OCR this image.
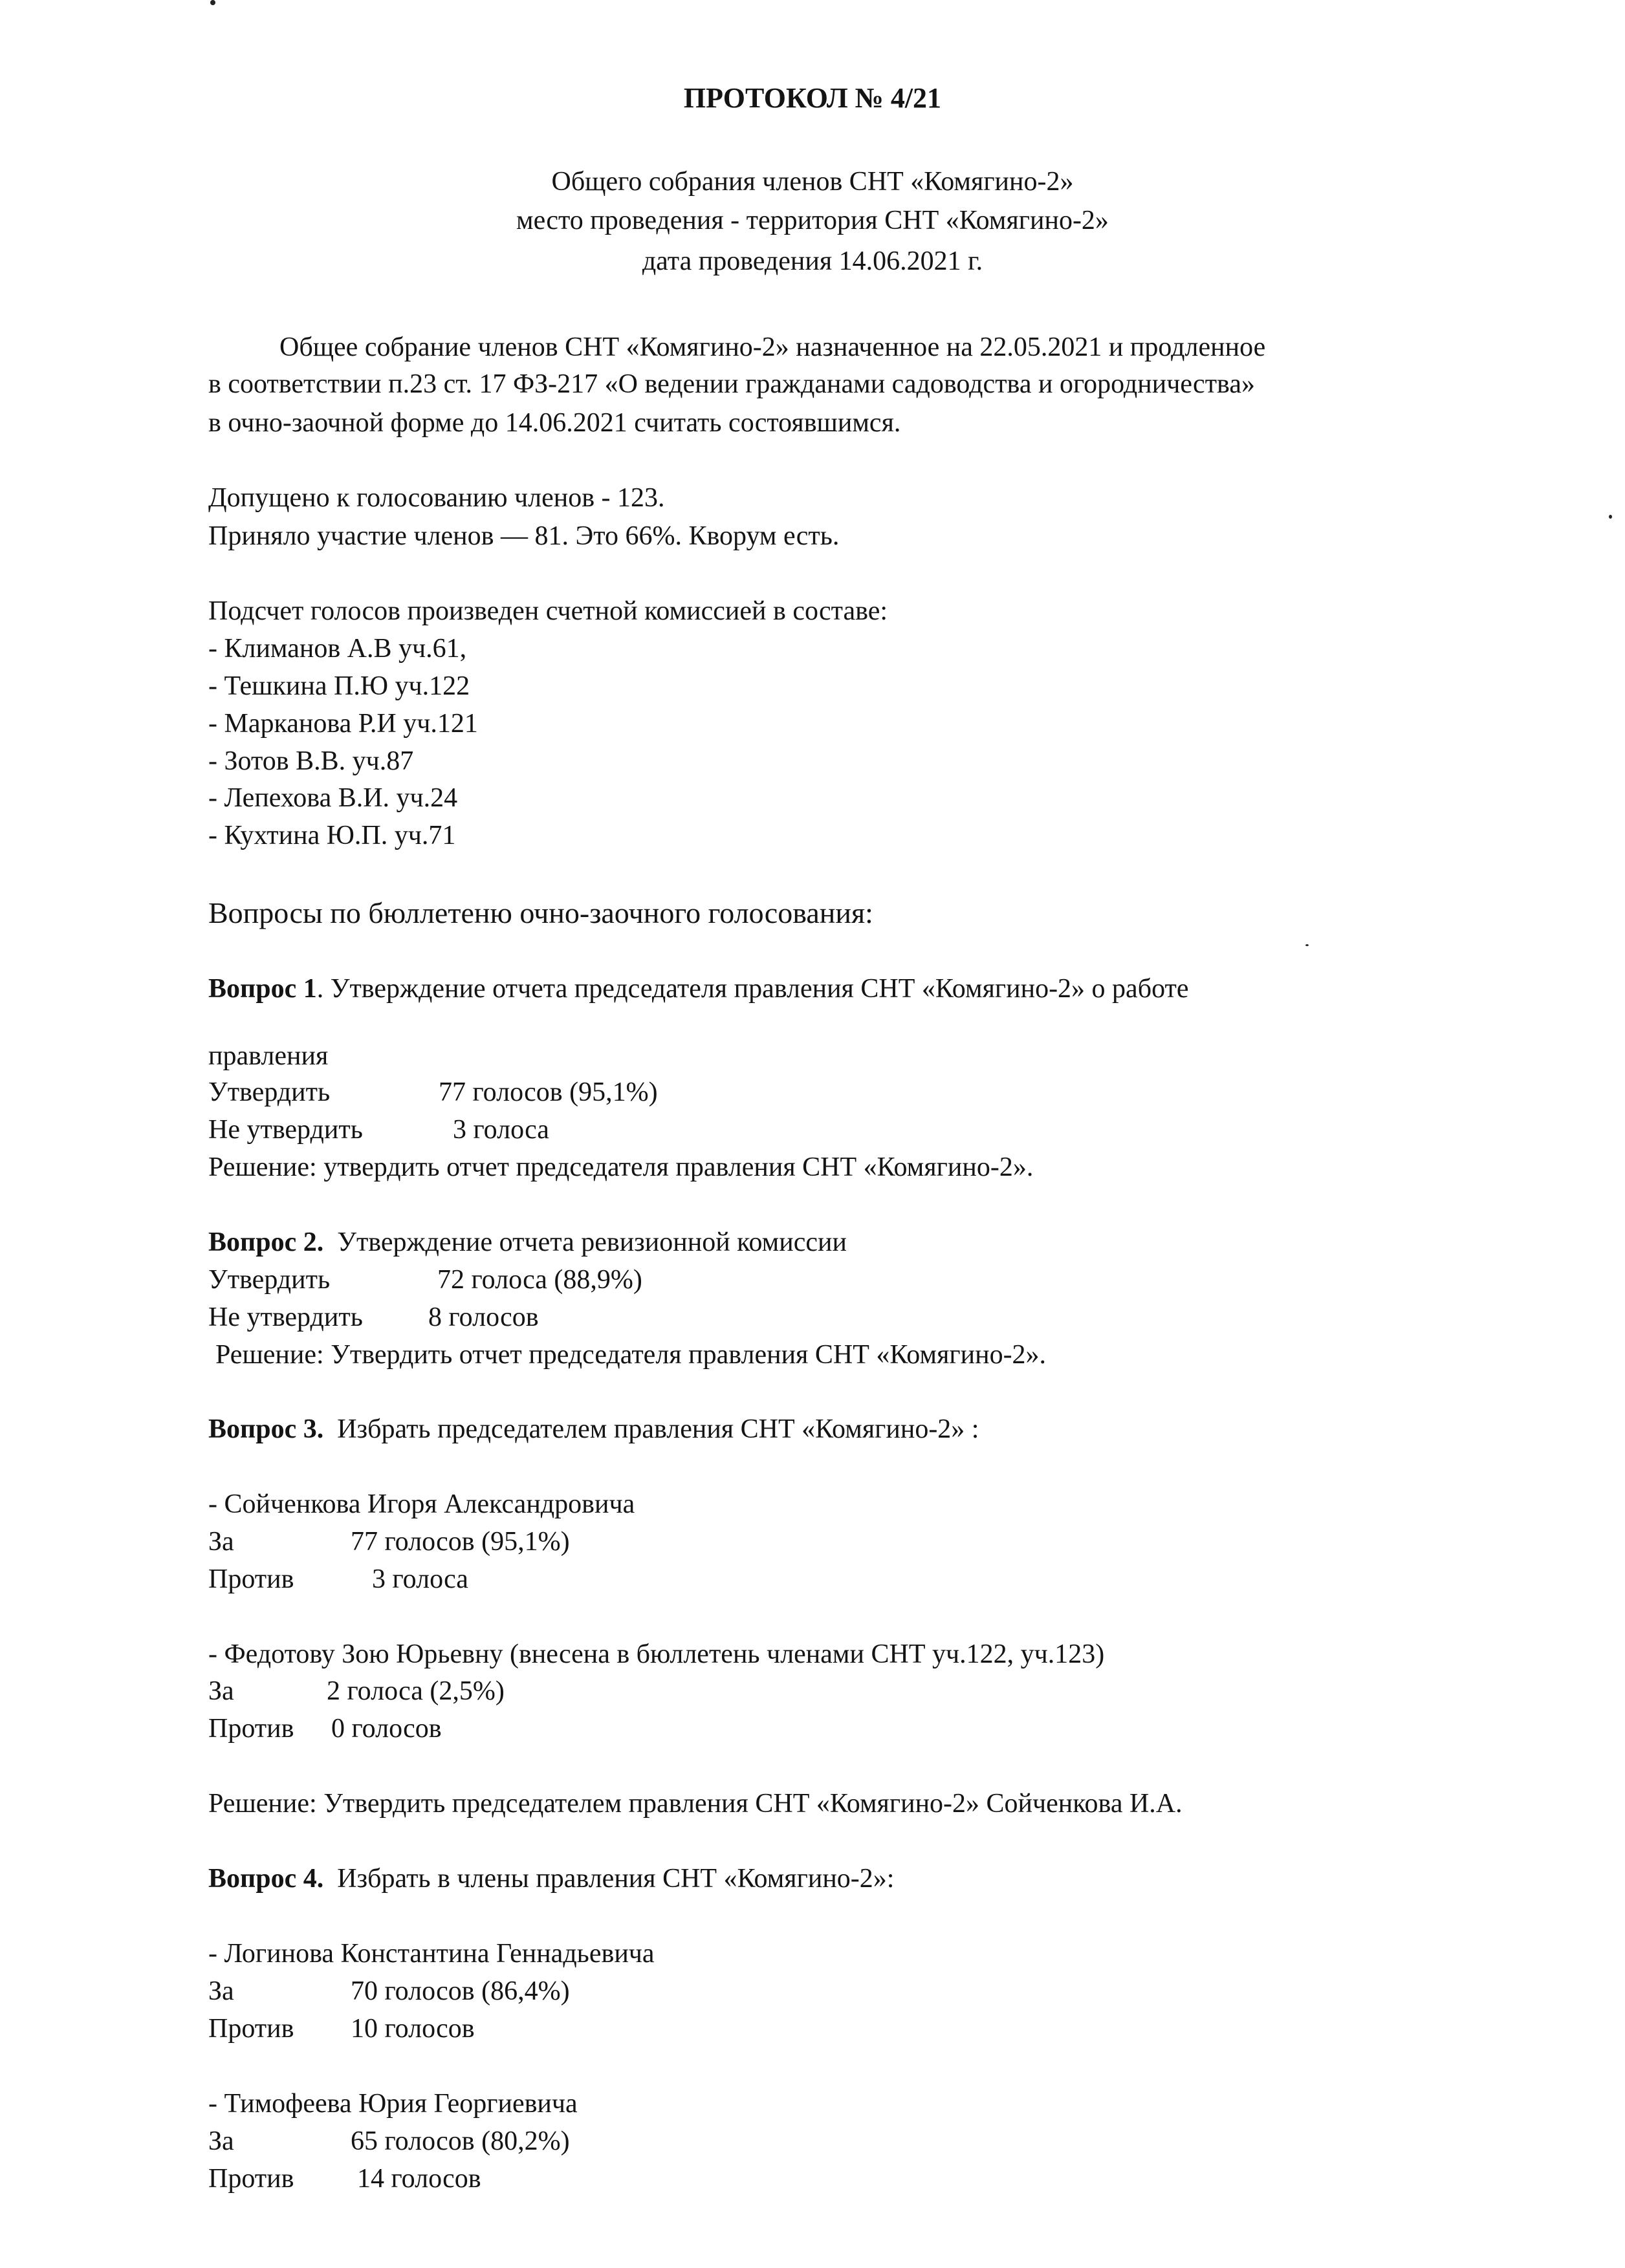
ПРОТОКОЛ № 4/21
Общего собрания членов СНТ «Комягино-2»
место проведения - территория СНТ «Комягино-2»
дата проведения 14.06.2021 г.
Общее собрание членов СНТ «Комягино-2» назначенное на 22.05.2021 и продленное
в соответствии п.23 ст. 17 ФЗ-217 «О ведении гражданами садоводства и огородничества»
в очно-заочной форме до 14.06.2021 считать состоявшимся.
Допущено к голосованию членов - 123.
Приняло участие членов — 81. Это 66%. Кворум есть.
Подсчет голосов произведен счетной комиссией в составе:
- Климанов А.В уч.61,
- Тешкина П.Ю уч.122
- Марканова Р.И уч.121
- Зотов В.В. уч.87
- Лепехова В.И. уч.24
- Кухтина Ю.П. уч.71
Вопросы по бюллетеню очно-заочного голосования:
Вопрос 1. Утверждение отчета председателя правления СНТ «Комягино-2» о работе
правления
Утвердить	77 голосов (95,1%)
Не утвердить	3 голоса
Решение: утвердить отчет председателя правления СНТ «Комягино-2».
Вопрос 2. Утверждение отчета ревизионной комиссии
Утвердить	72 голоса (88,9%)
Не утвердить 8 голосов
Решение: Утвердить отчет председателя правления СНТ «Комягино-2».
Вопрос 3. Избрать председателем правления СНТ «Комягино-2» :
- Сойченкова Игоря Александровича
За	77 голосов (95,1%)
Против	3 голоса
- Федотову Зою Юрьевну (внесена в бюллетень членами СНТ уч.122, уч.123)
За	2 голоса (2,5%)
Против 0 голосов
Решение: Утвердить председателем правления СНТ «Комягино-2» Сойченкова И.А.
Вопрос 4. Избрать в члены правления СНТ «Комягино-2»:
- Логинова Константина Геннадьевича
За	70 голосов (86,4%)
Против 10 голосов
- Тимофеева Юрия Георгиевича
За	65 голосов (80,2%)
Против 14 голосов
